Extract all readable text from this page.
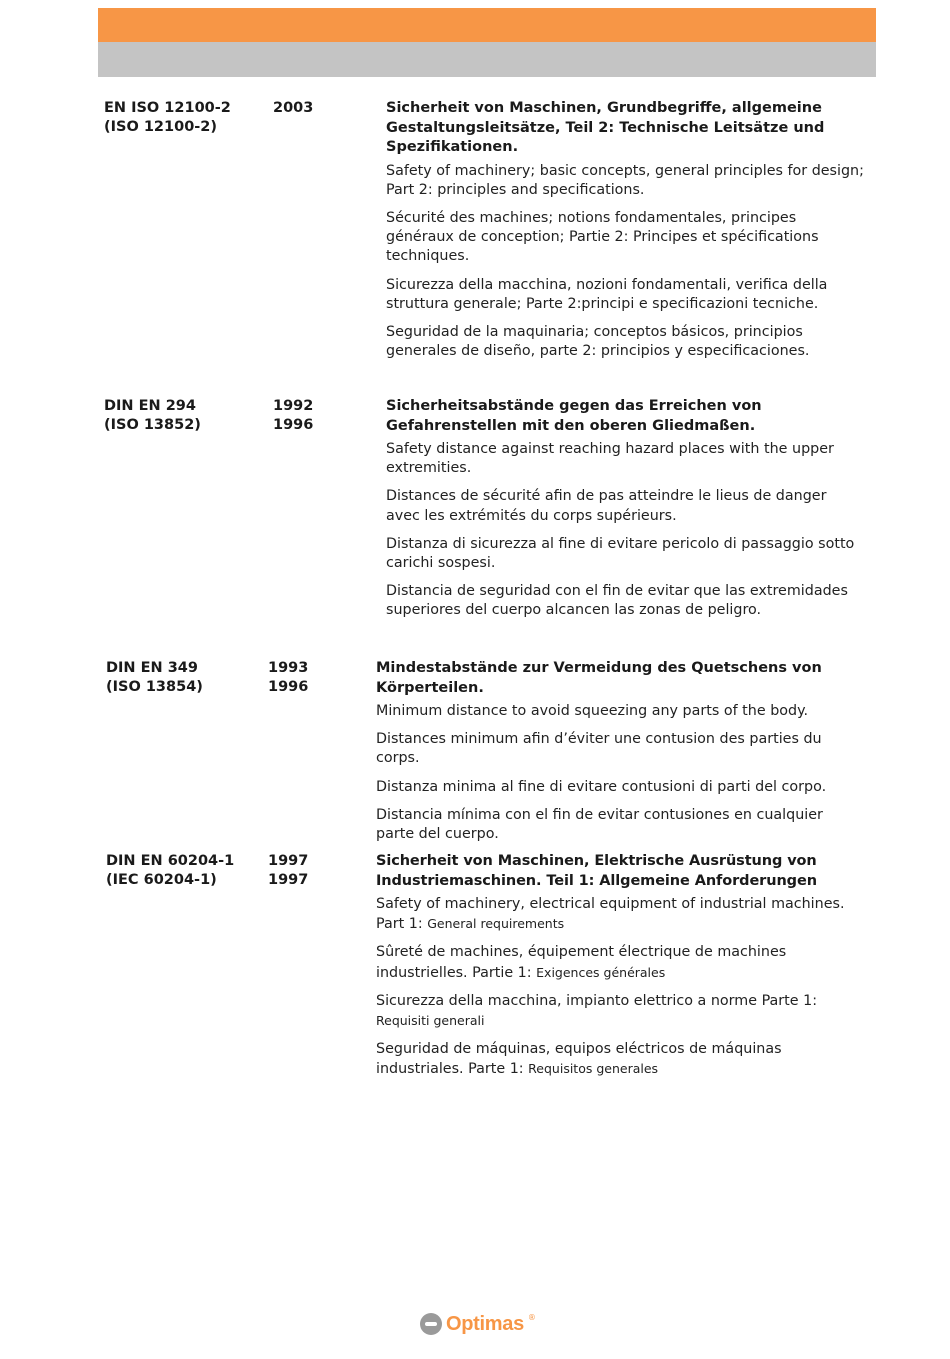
EN ISO 12100-2
(ISO 12100-2)
2003	Sicherheit von Maschinen, Grundbegriffe, allgemeine Gestaltungsleitsätze, Teil 2: Technische Leitsätze und Spezifikationen.

Safety of machinery; basic concepts, general principles for design; Part 2: principles and specifications.

Sécurité des machines; notions fondamentales, principes généraux de conception; Partie 2: Principes et spécifications techniques.

Sicurezza della macchina, nozioni fondamentali, verifica della struttura generale; Parte 2:principi e specificazioni tecniche.

Seguridad de la maquinaria; conceptos básicos, principios generales de diseño, parte 2: principios y especificaciones.

DIN EN 294
(ISO 13852)
1992
1996

Sicherheitsabstände gegen das Erreichen von Gefahrenstellen mit den oberen Gliedmaßen.

Safety distance against reaching hazard places with the upper extremities.

Distances de sécurité afin de pas atteindre le lieus de danger avec les extrémités du corps supérieurs.

Distanza di sicurezza al fine di evitare pericolo di passaggio sotto carichi sospesi.

Distancia de seguridad con el fin de evitar que las extremidades superiores del cuerpo alcancen las zonas de peligro.

DIN EN 349
(ISO 13854)
1993
1996

Mindestabstände zur Vermeidung des Quetschens von Körperteilen.

Minimum distance to avoid squeezing any parts of the body.

Distances minimum afin d’éviter une contusion des parties du corps.

Distanza minima al fine di evitare contusioni di parti del corpo.

Distancia mínima con el fin de evitar contusiones en cualquier parte del cuerpo.

DIN EN 60204-1
(IEC 60204-1)
1997
1997

Sicherheit von Maschinen, Elektrische Ausrüstung von Industriemaschinen. Teil 1: Allgemeine Anforderungen

Safety of machinery, electrical equipment of industrial machines. Part 1: General requirements

Sûreté de machines, équipement électrique de machines industrielles. Partie 1: Exigences générales

Sicurezza della macchina, impianto elettrico a norme Parte 1: Requisiti generali

Seguridad de máquinas, equipos eléctricos de máquinas industriales. Parte 1: Requisitos generales

Optimas ®
